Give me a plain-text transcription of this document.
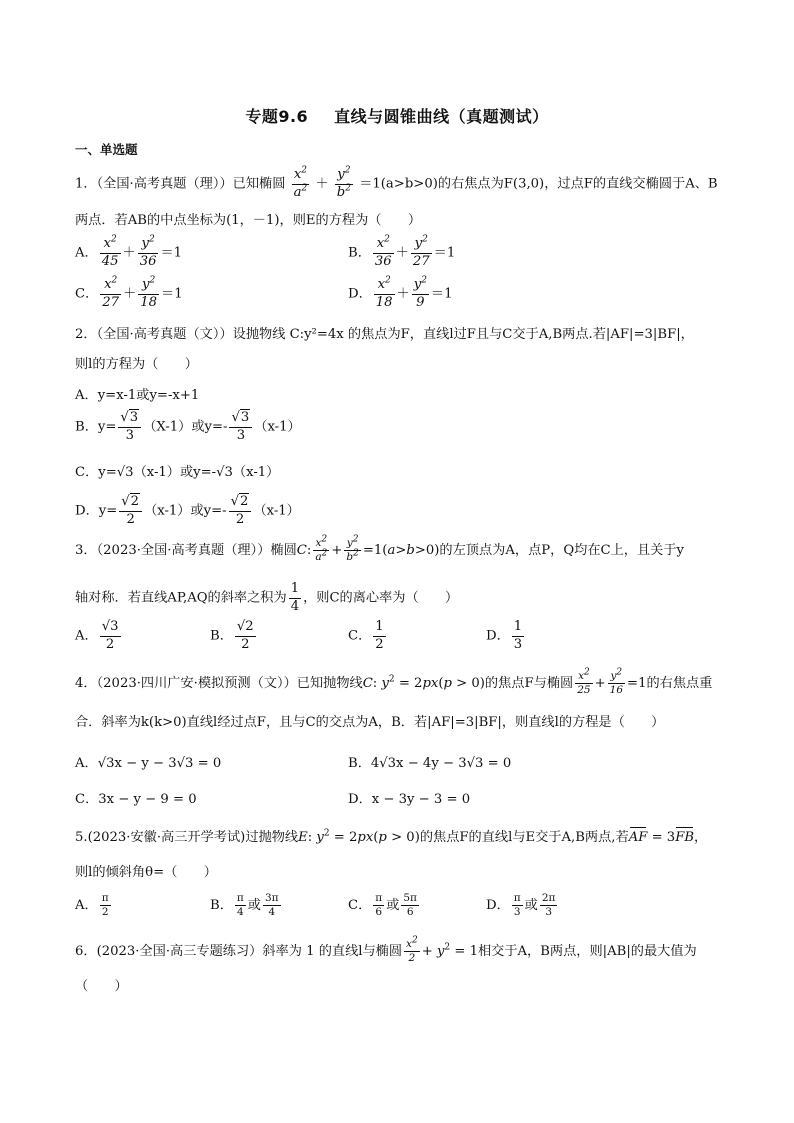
专题9.6 直线与圆锥曲线（真题测试）
一、单选题
1．（全国·高考真题（理））已知椭圆 $\frac{x^2}{a^2} + \frac{y^2}{b^2} =1(a>b>0)$的右焦点为F(3,0)，过点F的直线交椭圆于A、B
两点．若AB的中点坐标为(1，－1)，则E的方程为（　　）
A． $\frac{x^2}{45} + \frac{y^2}{36} =1$	B． $\frac{x^2}{36} + \frac{y^2}{27} =1$
C． $\frac{x^2}{27} + \frac{y^2}{18} =1$	D． $\frac{x^2}{18} + \frac{y^2}{9} =1$
2．（全国·高考真题（文））设抛物线 C:y²=4x 的焦点为F，直线l过F且与C交于A,B两点.若|AF|=3|BF|，
则l的方程为（　　）
A．y=x-1或y=-x+1
B．$y= \frac{√3}{3} (X-1)$或$y=- \frac{√3}{3} (x-1)$
C．y=√3（x-1）或y=-√3（x-1）
D．$y= \frac{√2}{2} (x-1)$或$y=- \frac{√2}{2} (x-1)$
3．（2023·全国·高考真题（理））椭圆C: $\frac{x2}{a2} + \frac{y2}{b2} =1(a>b>0)$的左顶点为A，点P，Q均在C上，且关于y
轴对称．若直线AP,AQ的斜率之积为 $\frac{1}{4}$ ，则C的离心率为（　　）
A． $\frac{√3}{2}$	B． $\frac{√2}{2}$	C． $\frac{1}{2}$	D． $\frac{1}{3}$
4．（2023·四川广安·模拟预测（文））已知抛物线C: $y^2 = 2px(p > 0)$的焦点F与椭圆 $\frac{x2}{25} + \frac{y2}{16} =1$的右焦点重
合．斜率为k(k>0)直线l经过点F，且与C的交点为A，B．若|AF|=3|BF|，则直线l的方程是（　　）
A．√3x − y − 3√3 = 0	B．4√3x − 4y − 3√3 = 0
C．3x − y − 9 = 0	D．x − 3y − 3 = 0
5.(2023·安徽·高三开学考试)过抛物线E: $y^2 = 2px(p > 0)$的焦点F的直线l与E交于A,B两点,若AF = 3FB，
则l的倾斜角θ=（　　）
A． $\frac{\pi}{2}$	B． $\frac{\pi}{4}$ 或 $\frac{3\pi}{4}$	C． $\frac{\pi}{6}$ 或 $\frac{5\pi}{6}$	D． $\frac{\pi}{3}$ 或 $\frac{2\pi}{3}$
6．(2023·全国·高三专题练习）斜率为 1 的直线l与椭圆 $\frac{x2}{2} + y^2 = 1$相交于A，B两点，则|AB|的最大值为
（　　）
